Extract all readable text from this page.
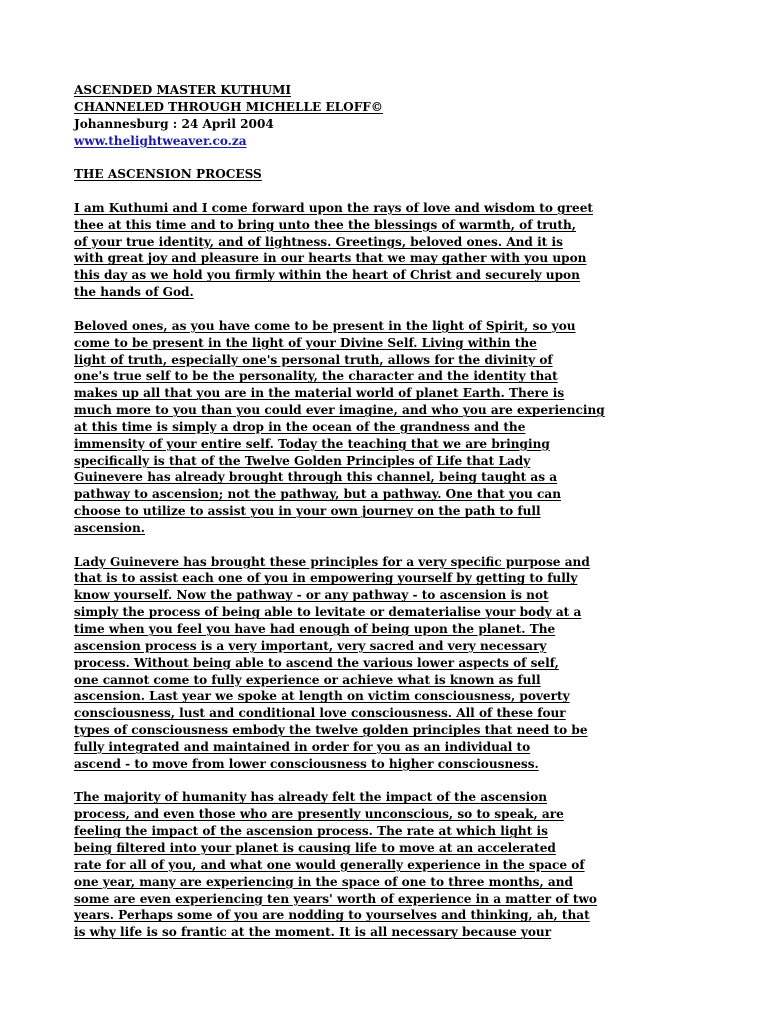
ASCENDED MASTER KUTHUMI
CHANNELED THROUGH MICHELLE ELOFF©
Johannesburg : 24 April 2004
www.thelightweaver.co.za
THE ASCENSION PROCESS
I am Kuthumi and I come forward upon the rays of love and wisdom to greet
thee at this time and to bring unto thee the blessings of warmth, of truth,
of your true identity, and of lightness. Greetings, beloved ones. And it is
with great joy and pleasure in our hearts that we may gather with you upon
this day as we hold you firmly within the heart of Christ and securely upon
the hands of God.
Beloved ones, as you have come to be present in the light of Spirit, so you
come to be present in the light of your Divine Self. Living within the
light of truth, especially one's personal truth, allows for the divinity of
one's true self to be the personality, the character and the identity that
makes up all that you are in the material world of planet Earth. There is
much more to you than you could ever imagine, and who you are experiencing
at this time is simply a drop in the ocean of the grandness and the
immensity of your entire self. Today the teaching that we are bringing
specifically is that of the Twelve Golden Principles of Life that Lady
Guinevere has already brought through this channel, being taught as a
pathway to ascension; not the pathway, but a pathway. One that you can
choose to utilize to assist you in your own journey on the path to full
ascension.
Lady Guinevere has brought these principles for a very specific purpose and
that is to assist each one of you in empowering yourself by getting to fully
know yourself. Now the pathway - or any pathway - to ascension is not
simply the process of being able to levitate or dematerialise your body at a
time when you feel you have had enough of being upon the planet. The
ascension process is a very important, very sacred and very necessary
process. Without being able to ascend the various lower aspects of self,
one cannot come to fully experience or achieve what is known as full
ascension. Last year we spoke at length on victim consciousness, poverty
consciousness, lust and conditional love consciousness. All of these four
types of consciousness embody the twelve golden principles that need to be
fully integrated and maintained in order for you as an individual to
ascend - to move from lower consciousness to higher consciousness.
The majority of humanity has already felt the impact of the ascension
process, and even those who are presently unconscious, so to speak, are
feeling the impact of the ascension process. The rate at which light is
being filtered into your planet is causing life to move at an accelerated
rate for all of you, and what one would generally experience in the space of
one year, many are experiencing in the space of one to three months, and
some are even experiencing ten years' worth of experience in a matter of two
years. Perhaps some of you are nodding to yourselves and thinking, ah, that
is why life is so frantic at the moment. It is all necessary because your
